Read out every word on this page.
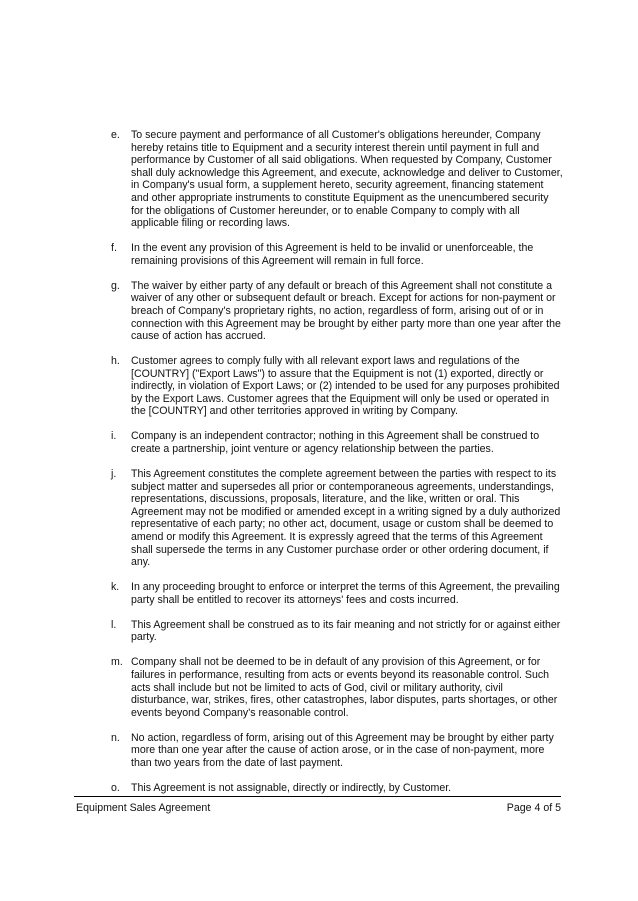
e.	To secure payment and performance of all Customer's obligations hereunder, Company hereby retains title to Equipment and a security interest therein until payment in full and performance by Customer of all said obligations. When requested by Company, Customer shall duly acknowledge this Agreement, and execute, acknowledge and deliver to Customer, in Company's usual form, a supplement hereto, security agreement, financing statement and other appropriate instruments to constitute Equipment as the unencumbered security for the obligations of Customer hereunder, or to enable Company to comply with all applicable filing or recording laws.
f.	In the event any provision of this Agreement is held to be invalid or unenforceable, the remaining provisions of this Agreement will remain in full force.
g.	The waiver by either party of any default or breach of this Agreement shall not constitute a waiver of any other or subsequent default or breach. Except for actions for non-payment or breach of Company's proprietary rights, no action, regardless of form, arising out of or in connection with this Agreement may be brought by either party more than one year after the cause of action has accrued.
h.	Customer agrees to comply fully with all relevant export laws and regulations of the [COUNTRY] ("Export Laws") to assure that the Equipment is not (1) exported, directly or indirectly, in violation of Export Laws; or (2) intended to be used for any purposes prohibited by the Export Laws. Customer agrees that the Equipment will only be used or operated in the [COUNTRY] and other territories approved in writing by Company.
i.	Company is an independent contractor; nothing in this Agreement shall be construed to create a partnership, joint venture or agency relationship between the parties.
j.	This Agreement constitutes the complete agreement between the parties with respect to its subject matter and supersedes all prior or contemporaneous agreements, understandings, representations, discussions, proposals, literature, and the like, written or oral. This Agreement may not be modified or amended except in a writing signed by a duly authorized representative of each party; no other act, document, usage or custom shall be deemed to amend or modify this Agreement. It is expressly agreed that the terms of this Agreement shall supersede the terms in any Customer purchase order or other ordering document, if any.
k.	In any proceeding brought to enforce or interpret the terms of this Agreement, the prevailing party shall be entitled to recover its attorneys' fees and costs incurred.
l.	This Agreement shall be construed as to its fair meaning and not strictly for or against either party.
m. Company shall not be deemed to be in default of any provision of this Agreement, or for failures in performance, resulting from acts or events beyond its reasonable control. Such acts shall include but not be limited to acts of God, civil or military authority, civil disturbance, war, strikes, fires, other catastrophes, labor disputes, parts shortages, or other events beyond Company's reasonable control.
n.	No action, regardless of form, arising out of this Agreement may be brought by either party more than one year after the cause of action arose, or in the case of non-payment, more than two years from the date of last payment.
o.	This Agreement is not assignable, directly or indirectly, by Customer.
Equipment Sales Agreement	Page 4 of 5
